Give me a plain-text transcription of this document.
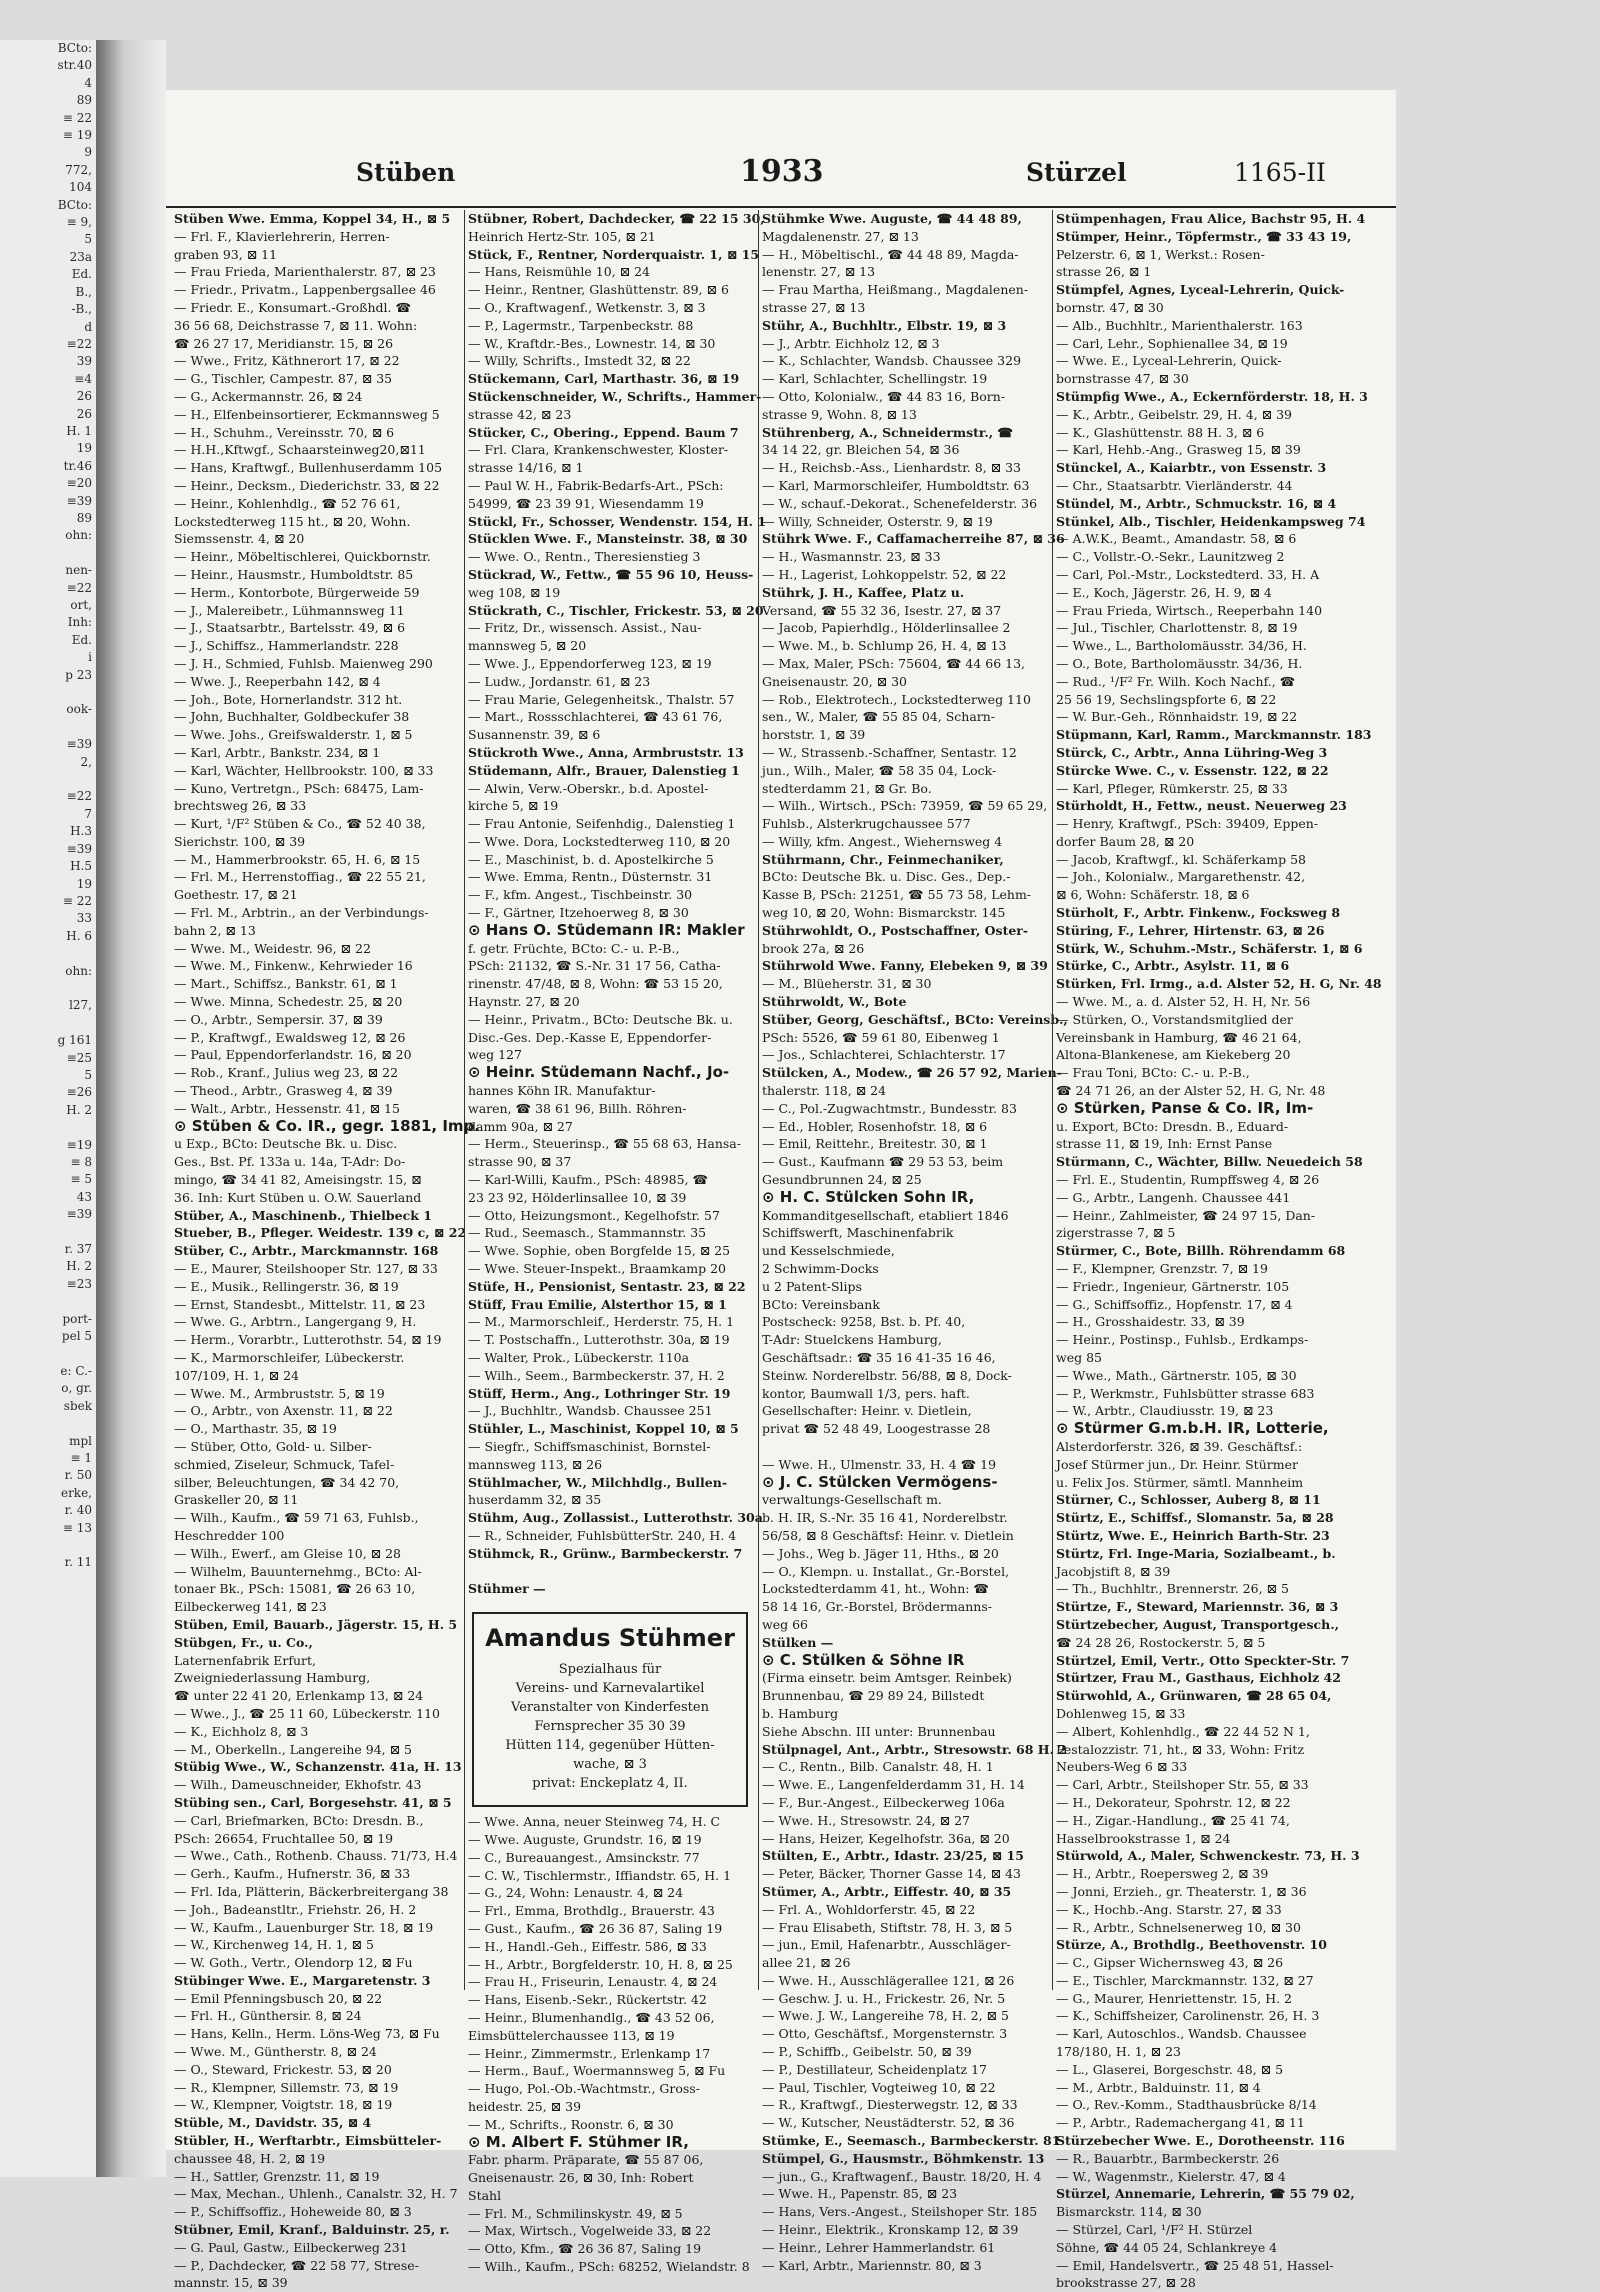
BCto:
str.40
4
89
≡ 22
≡ 19
9
772,
104
BCto:
≡ 9,
5
23a
Ed.
B.,
-B.,
d
≡22
39
≡4
26
26
H. 1
19
tr.46
≡20
≡39
89
ohn:

nen-
≡22
ort,
Inh:
Ed.
i
p 23

ook-

≡39
2,

≡22
7
H.3
≡39
H.5
19
≡ 22
33
H. 6

ohn:

l27,

g 161
≡25
5
≡26
H. 2

≡19
≡ 8
≡ 5
43
≡39

r. 37
H. 2
≡23

port-
pel 5

e: C.-
o, gr.
sbek

mpl
≡ 1
r. 50
erke,
r. 40
≡ 13

r. 11
Stüben	1933	Stürzel	1165-II
Stüben Wwe. Emma, Koppel 34, H., ⊠ 5
— Frl. F., Klavierlehrerin, Herren-
graben 93, ⊠ 11
— Frau Frieda, Marienthalerstr. 87, ⊠ 23
— Friedr., Privatm., Lappenbergsallee 46
— Friedr. E., Konsumart.-Großhdl. ☎
36 56 68, Deichstrasse 7, ⊠ 11. Wohn:
☎ 26 27 17, Meridianstr. 15, ⊠ 26
— Wwe., Fritz, Käthnerort 17, ⊠ 22
— G., Tischler, Campestr. 87, ⊠ 35
— G., Ackermannstr. 26, ⊠ 24
— H., Elfenbeinsortierer, Eckmannsweg 5
— H., Schuhm., Vereinsstr. 70, ⊠ 6
— H.H.,Kftwgf., Schaarsteinweg20,⊠11
— Hans, Kraftwgf., Bullenhuserdamm 105
— Heinr., Decksm., Diederichstr. 33, ⊠ 22
— Heinr., Kohlenhdlg., ☎ 52 76 61,
Lockstedterweg 115 ht., ⊠ 20, Wohn.
Siemssenstr. 4, ⊠ 20
— Heinr., Möbeltischlerei, Quickbornstr.
— Heinr., Hausmstr., Humboldtstr. 85
— Herm., Kontorbote, Bürgerweide 59
— J., Malereibetr., Lühmannsweg 11
— J., Staatsarbtr., Bartelsstr. 49, ⊠ 6
— J., Schiffsz., Hammerlandstr. 228
— J. H., Schmied, Fuhlsb. Maienweg 290
— Wwe. J., Reeperbahn 142, ⊠ 4
— Joh., Bote, Hornerlandstr. 312 ht.
— John, Buchhalter, Goldbeckufer 38
— Wwe. Johs., Greifswalderstr. 1, ⊠ 5
— Karl, Arbtr., Bankstr. 234, ⊠ 1
— Karl, Wächter, Hellbrookstr. 100, ⊠ 33
— Kuno, Vertretgn., PSch: 68475, Lam-
brechtsweg 26, ⊠ 33
— Kurt, ¹/F² Stüben & Co., ☎ 52 40 38,
Sierichstr. 100, ⊠ 39
— M., Hammerbrookstr. 65, H. 6, ⊠ 15
— Frl. M., Herrenstoffiag., ☎ 22 55 21,
Goethestr. 17, ⊠ 21
— Frl. M., Arbtrin., an der Verbindungs-
bahn 2, ⊠ 13
— Wwe. M., Weidestr. 96, ⊠ 22
— Wwe. M., Finkenw., Kehrwieder 16
— Mart., Schiffsz., Bankstr. 61, ⊠ 1
— Wwe. Minna, Schedestr. 25, ⊠ 20
— O., Arbtr., Sempersir. 37, ⊠ 39
— P., Kraftwgf., Ewaldsweg 12, ⊠ 26
— Paul, Eppendorferlandstr. 16, ⊠ 20
— Rob., Kranf., Julius weg 23, ⊠ 22
— Theod., Arbtr., Grasweg 4, ⊠ 39
— Walt., Arbtr., Hessenstr. 41, ⊠ 15
⊙ Stüben & Co. IR., gegr. 1881, Imp.
u Exp., BCto: Deutsche Bk. u. Disc.
Ges., Bst. Pf. 133a u. 14a, T-Adr: Do-
mingo, ☎ 34 41 82, Ameisingstr. 15, ⊠
36. Inh: Kurt Stüben u. O.W. Sauerland
Stüber, A., Maschinenb., Thielbeck 1
Stueber, B., Pfleger. Weidestr. 139 c, ⊠ 22
Stüber, C., Arbtr., Marckmannstr. 168
— E., Maurer, Steilshooper Str. 127, ⊠ 33
— E., Musik., Rellingerstr. 36, ⊠ 19
— Ernst, Standesbt., Mittelstr. 11, ⊠ 23
— Wwe. G., Arbtrn., Langergang 9, H.
— Herm., Vorarbtr., Lutterothstr. 54, ⊠ 19
— K., Marmorschleifer, Lübeckerstr.
107/109, H. 1, ⊠ 24
— Wwe. M., Armbruststr. 5, ⊠ 19
— O., Arbtr., von Axenstr. 11, ⊠ 22
— O., Marthastr. 35, ⊠ 19
— Stüber, Otto, Gold- u. Silber-
schmied, Ziseleur, Schmuck, Tafel-
silber, Beleuchtungen, ☎ 34 42 70,
Graskeller 20, ⊠ 11
— Wilh., Kaufm., ☎ 59 71 63, Fuhlsb.,
Heschredder 100
— Wilh., Ewerf., am Gleise 10, ⊠ 28
— Wilhelm, Bauunternehmg., BCto: Al-
tonaer Bk., PSch: 15081, ☎ 26 63 10,
Eilbeckerweg 141, ⊠ 23
Stüben, Emil, Bauarb., Jägerstr. 15, H. 5
Stübgen, Fr., u. Co.,
Laternenfabrik Erfurt,
Zweigniederlassung Hamburg,
☎ unter 22 41 20, Erlenkamp 13, ⊠ 24
— Wwe., J., ☎ 25 11 60, Lübeckerstr. 110
— K., Eichholz 8, ⊠ 3
— M., Oberkelln., Langereihe 94, ⊠ 5
Stübig Wwe., W., Schanzenstr. 41a, H. 13
— Wilh., Dameuschneider, Ekhofstr. 43
Stübing sen., Carl, Borgesehstr. 41, ⊠ 5
— Carl, Briefmarken, BCto: Dresdn. B.,
PSch: 26654, Fruchtallee 50, ⊠ 19
— Wwe., Cath., Rothenb. Chauss. 71/73, H.4
— Gerh., Kaufm., Hufnerstr. 36, ⊠ 33
— Frl. Ida, Plätterin, Bäckerbreitergang 38
— Joh., Badeanstltr., Friehstr. 26, H. 2
— W., Kaufm., Lauenburger Str. 18, ⊠ 19
— W., Kirchenweg 14, H. 1, ⊠ 5
— W. Goth., Vertr., Olendorp 12, ⊠ Fu
Stübinger Wwe. E., Margaretenstr. 3
— Emil Pfenningsbusch 20, ⊠ 22
— Frl. H., Günthersir. 8, ⊠ 24
— Hans, Kelln., Herm. Löns-Weg 73, ⊠ Fu
— Wwe. M., Güntherstr. 8, ⊠ 24
— O., Steward, Frickestr. 53, ⊠ 20
— R., Klempner, Sillemstr. 73, ⊠ 19
— W., Klempner, Voigtstr. 18, ⊠ 19
Stüble, M., Davidstr. 35, ⊠ 4
Stübler, H., Werftarbtr., Eimsbütteler-
chaussee 48, H. 2, ⊠ 19
— H., Sattler, Grenzstr. 11, ⊠ 19
— Max, Mechan., Uhlenh., Canalstr. 32, H. 7
— P., Schiffsoffiz., Hoheweide 80, ⊠ 3
Stübner, Emil, Kranf., Balduinstr. 25, r.
— G. Paul, Gastw., Eilbeckerweg 231
— P., Dachdecker, ☎ 22 58 77, Strese-
mannstr. 15, ⊠ 39
Stübner, Robert, Dachdecker, ☎ 22 15 30,
Heinrich Hertz-Str. 105, ⊠ 21
Stück, F., Rentner, Norderquaistr. 1, ⊠ 15
— Hans, Reismühle 10, ⊠ 24
— Heinr., Rentner, Glashüttenstr. 89, ⊠ 6
— O., Kraftwagenf., Wetkenstr. 3, ⊠ 3
— P., Lagermstr., Tarpenbeckstr. 88
— W., Kraftdr.-Bes., Lownestr. 14, ⊠ 30
— Willy, Schrifts., Imstedt 32, ⊠ 22
Stückemann, Carl, Marthastr. 36, ⊠ 19
Stückenschneider, W., Schrifts., Hammer-
strasse 42, ⊠ 23
Stücker, C., Obering., Eppend. Baum 7
— Frl. Clara, Krankenschwester, Kloster-
strasse 14/16, ⊠ 1
— Paul W. H., Fabrik-Bedarfs-Art., PSch:
54999, ☎ 23 39 91, Wiesendamm 19
Stückl, Fr., Schosser, Wendenstr. 154, H. 1
Stücklen Wwe. F., Mansteinstr. 38, ⊠ 30
— Wwe. O., Rentn., Theresienstieg 3
Stückrad, W., Fettw., ☎ 55 96 10, Heuss-
weg 108, ⊠ 19
Stückrath, C., Tischler, Frickestr. 53, ⊠ 20
— Fritz, Dr., wissensch. Assist., Nau-
mannsweg 5, ⊠ 20
— Wwe. J., Eppendorferweg 123, ⊠ 19
— Ludw., Jordanstr. 61, ⊠ 23
— Frau Marie, Gelegenheitsk., Thalstr. 57
— Mart., Rossschlachterei, ☎ 43 61 76,
Susannenstr. 39, ⊠ 6
Stückroth Wwe., Anna, Armbruststr. 13
Stüdemann, Alfr., Brauer, Dalenstieg 1
— Alwin, Verw.-Oberskr., b.d. Apostel-
kirche 5, ⊠ 19
— Frau Antonie, Seifenhdig., Dalenstieg 1
— Wwe. Dora, Lockstedterweg 110, ⊠ 20
— E., Maschinist, b. d. Apostelkirche 5
— Wwe. Emma, Rentn., Düsternstr. 31
— F., kfm. Angest., Tischbeinstr. 30
— F., Gärtner, Itzehoerweg 8, ⊠ 30
⊙ Hans O. Stüdemann IR: Makler
f. getr. Früchte, BCto: C.- u. P.-B.,
PSch: 21132, ☎ S.-Nr. 31 17 56, Catha-
rinenstr. 47/48, ⊠ 8, Wohn: ☎ 53 15 20,
Haynstr. 27, ⊠ 20
— Heinr., Privatm., BCto: Deutsche Bk. u.
Disc.-Ges. Dep.-Kasse E, Eppendorfer-
weg 127
⊙ Heinr. Stüdemann Nachf., Jo-
hannes Köhn IR. Manufaktur-
waren, ☎ 38 61 96, Billh. Röhren-
damm 90a, ⊠ 27
— Herm., Steuerinsp., ☎ 55 68 63, Hansa-
strasse 90, ⊠ 37
— Karl-Willi, Kaufm., PSch: 48985, ☎
23 23 92, Hölderlinsallee 10, ⊠ 39
— Otto, Heizungsmont., Kegelhofstr. 57
— Rud., Seemasch., Stammannstr. 35
— Wwe. Sophie, oben Borgfelde 15, ⊠ 25
— Wwe. Steuer-Inspekt., Braamkamp 20
Stüfe, H., Pensionist, Sentastr. 23, ⊠ 22
Stüff, Frau Emilie, Alsterthor 15, ⊠ 1
— M., Marmorschleif., Herderstr. 75, H. 1
— T. Postschaffn., Lutterothstr. 30a, ⊠ 19
— Walter, Prok., Lübeckerstr. 110a
— Wilh., Seem., Barmbeckerstr. 37, H. 2
Stüff, Herm., Ang., Lothringer Str. 19
— J., Buchhltr., Wandsb. Chaussee 251
Stühler, L., Maschinist, Koppel 10, ⊠ 5
— Siegfr., Schiffsmaschinist, Bornstel-
mannsweg 113, ⊠ 26
Stühlmacher, W., Milchhdlg., Bullen-
huserdamm 32, ⊠ 35
Stühm, Aug., Zollassist., Lutterothstr. 30a
— R., Schneider, FuhlsbütterStr. 240, H. 4
Stühmck, R., Grünw., Barmbeckerstr. 7

Stühmer —
Amandus Stühmer
Spezialhaus für
Vereins- und Karnevalartikel
Veranstalter von Kinderfesten
Fernsprecher 35 30 39
Hütten 114, gegenüber Hütten-
wache, ⊠ 3
privat: Enckeplatz 4, II.
— Wwe. Anna, neuer Steinweg 74, H. C
— Wwe. Auguste, Grundstr. 16, ⊠ 19
— C., Bureauangest., Amsinckstr. 77
— C. W., Tischlermstr., Iffiandstr. 65, H. 1
— G., 24, Wohn: Lenaustr. 4, ⊠ 24
— Frl., Emma, Brothdlg., Brauerstr. 43
— Gust., Kaufm., ☎ 26 36 87, Saling 19
— H., Handl.-Geh., Eiffestr. 586, ⊠ 33
— H., Arbtr., Borgfelderstr. 10, H. 8, ⊠ 25
— Frau H., Friseurin, Lenaustr. 4, ⊠ 24
— Hans, Eisenb.-Sekr., Rückertstr. 42
— Heinr., Blumenhandlg., ☎ 43 52 06,
Eimsbüttelerchaussee 113, ⊠ 19
— Heinr., Zimmermstr., Erlenkamp 17
— Herm., Bauf., Woermannsweg 5, ⊠ Fu
— Hugo, Pol.-Ob.-Wachtmstr., Gross-
heidestr. 25, ⊠ 39
— M., Schrifts., Roonstr. 6, ⊠ 30
⊙ M. Albert F. Stühmer IR,
Fabr. pharm. Präparate, ☎ 55 87 06,
Gneisenaustr. 26, ⊠ 30, Inh: Robert
Stahl
— Frl. M., Schmilinskystr. 49, ⊠ 5
— Max, Wirtsch., Vogelweide 33, ⊠ 22
— Otto, Kfm., ☎ 26 36 87, Saling 19
— Wilh., Kaufm., PSch: 68252, Wielandstr. 8
Stühmke Wwe. Auguste, ☎ 44 48 89,
Magdalenenstr. 27, ⊠ 13
— H., Möbeltischl., ☎ 44 48 89, Magda-
lenenstr. 27, ⊠ 13
— Frau Martha, Heißmang., Magdalenen-
strasse 27, ⊠ 13
Stühr, A., Buchhltr., Elbstr. 19, ⊠ 3
— J., Arbtr. Eichholz 12, ⊠ 3
— K., Schlachter, Wandsb. Chaussee 329
— Karl, Schlachter, Schellingstr. 19
— Otto, Kolonialw., ☎ 44 83 16, Born-
strasse 9, Wohn. 8, ⊠ 13
Stührenberg, A., Schneidermstr., ☎
34 14 22, gr. Bleichen 54, ⊠ 36
— H., Reichsb.-Ass., Lienhardstr. 8, ⊠ 33
— Karl, Marmorschleifer, Humboldtstr. 63
— W., schauf.-Dekorat., Schenefelderstr. 36
— Willy, Schneider, Osterstr. 9, ⊠ 19
Stührk Wwe. F., Caffamacherreihe 87, ⊠ 36
— H., Wasmannstr. 23, ⊠ 33
— H., Lagerist, Lohkoppelstr. 52, ⊠ 22
Stührk, J. H., Kaffee, Platz u.
Versand, ☎ 55 32 36, Isestr. 27, ⊠ 37
— Jacob, Papierhdlg., Hölderlinsallee 2
— Wwe. M., b. Schlump 26, H. 4, ⊠ 13
— Max, Maler, PSch: 75604, ☎ 44 66 13,
Gneisenaustr. 20, ⊠ 30
— Rob., Elektrotech., Lockstedterweg 110
sen., W., Maler, ☎ 55 85 04, Scharn-
horststr. 1, ⊠ 39
— W., Strassenb.-Schaffner, Sentastr. 12
jun., Wilh., Maler, ☎ 58 35 04, Lock-
stedterdamm 21, ⊠ Gr. Bo.
— Wilh., Wirtsch., PSch: 73959, ☎ 59 65 29,
Fuhlsb., Alsterkrugchaussee 577
— Willy, kfm. Angest., Wiehernsweg 4
Stührmann, Chr., Feinmechaniker,
BCto: Deutsche Bk. u. Disc. Ges., Dep.-
Kasse B, PSch: 21251, ☎ 55 73 58, Lehm-
weg 10, ⊠ 20, Wohn: Bismarckstr. 145
Stührwohldt, O., Postschaffner, Oster-
brook 27a, ⊠ 26
Stührwold Wwe. Fanny, Elebeken 9, ⊠ 39
— M., Blüeherstr. 31, ⊠ 30
Stührwoldt, W., Bote
Stüber, Georg, Geschäftsf., BCto: Vereinsb.,
PSch: 5526, ☎ 59 61 80, Eibenweg 1
— Jos., Schlachterei, Schlachterstr. 17
Stülcken, A., Modew., ☎ 26 57 92, Marien-
thalerstr. 118, ⊠ 24
— C., Pol.-Zugwachtmstr., Bundesstr. 83
— Ed., Hobler, Rosenhofstr. 18, ⊠ 6
— Emil, Reittehr., Breitestr. 30, ⊠ 1
— Gust., Kaufmann ☎ 29 53 53, beim
Gesundbrunnen 24, ⊠ 25
⊙ H. C. Stülcken Sohn IR,
Kommanditgesellschaft, etabliert 1846
Schiffswerft, Maschinenfabrik
und Kesselschmiede,
2 Schwimm-Docks
u 2 Patent-Slips
BCto: Vereinsbank
Postscheck: 9258, Bst. b. Pf. 40,
T-Adr: Stuelckens Hamburg,
Geschäftsadr.: ☎ 35 16 41-35 16 46,
Steinw. Norderelbstr. 56/88, ⊠ 8, Dock-
kontor, Baumwall 1/3, pers. haft.
Gesellschafter: Heinr. v. Dietlein,
privat ☎ 52 48 49, Loogestrasse 28

— Wwe. H., Ulmenstr. 33, H. 4 ☎ 19
⊙ J. C. Stülcken Vermögens-
verwaltungs-Gesellschaft m.
b. H. IR, S.-Nr. 35 16 41, Norderelbstr.
56/58, ⊠ 8 Geschäftsf: Heinr. v. Dietlein
— Johs., Weg b. Jäger 11, Hths., ⊠ 20
— O., Klempn. u. Installat., Gr.-Borstel,
Lockstedterdamm 41, ht., Wohn: ☎
58 14 16, Gr.-Borstel, Brödermanns-
weg 66
Stülken —
⊙ C. Stülken & Söhne IR
(Firma einsetr. beim Amtsger. Reinbek)
Brunnenbau, ☎ 29 89 24, Billstedt
b. Hamburg
Siehe Abschn. III unter: Brunnenbau
Stülpnagel, Ant., Arbtr., Stresowstr. 68 H. 2
— C., Rentn., Bilb. Canalstr. 48, H. 1
— Wwe. E., Langenfelderdamm 31, H. 14
— F., Bur.-Angest., Eilbeckerweg 106a
— Wwe. H., Stresowstr. 24, ⊠ 27
— Hans, Heizer, Kegelhofstr. 36a, ⊠ 20
Stülten, E., Arbtr., Idastr. 23/25, ⊠ 15
— Peter, Bäcker, Thorner Gasse 14, ⊠ 43
Stümer, A., Arbtr., Eiffestr. 40, ⊠ 35
— Frl. A., Wohldorferstr. 45, ⊠ 22
— Frau Elisabeth, Stiftstr. 78, H. 3, ⊠ 5
— jun., Emil, Hafenarbtr., Ausschläger-
allee 21, ⊠ 26
— Wwe. H., Ausschlägerallee 121, ⊠ 26
— Geschw. J. u. H., Frickestr. 26, Nr. 5
— Wwe. J. W., Langereihe 78, H. 2, ⊠ 5
— Otto, Geschäftsf., Morgensternstr. 3
— P., Schiffb., Geibelstr. 50, ⊠ 39
— P., Destillateur, Scheidenplatz 17
— Paul, Tischler, Vogteiweg 10, ⊠ 22
— R., Kraftwgf., Diesterwegstr. 12, ⊠ 33
— W., Kutscher, Neustädterstr. 52, ⊠ 36
Stümke, E., Seemasch., Barmbeckerstr. 81
Stümpel, G., Hausmstr., Böhmkenstr. 13
— jun., G., Kraftwagenf., Baustr. 18/20, H. 4
— Wwe. H., Papenstr. 85, ⊠ 23
— Hans, Vers.-Angest., Steilshoper Str. 185
— Heinr., Elektrik., Kronskamp 12, ⊠ 39
— Heinr., Lehrer Hammerlandstr. 61
— Karl, Arbtr., Mariennstr. 80, ⊠ 3
Stümpenhagen, Frau Alice, Bachstr 95, H. 4
Stümper, Heinr., Töpfermstr., ☎ 33 43 19,
Pelzerstr. 6, ⊠ 1, Werkst.: Rosen-
strasse 26, ⊠ 1
Stümpfel, Agnes, Lyceal-Lehrerin, Quick-
bornstr. 47, ⊠ 30
— Alb., Buchhltr., Marienthalerstr. 163
— Carl, Lehr., Sophienallee 34, ⊠ 19
— Wwe. E., Lyceal-Lehrerin, Quick-
bornstrasse 47, ⊠ 30
Stümpfig Wwe., A., Eckernförderstr. 18, H. 3
— K., Arbtr., Geibelstr. 29, H. 4, ⊠ 39
— K., Glashüttenstr. 88 H. 3, ⊠ 6
— Karl, Hehb.-Ang., Grasweg 15, ⊠ 39
Stünckel, A., Kaiarbtr., von Essenstr. 3
— Chr., Staatsarbtr. Vierländerstr. 44
Stündel, M., Arbtr., Schmuckstr. 16, ⊠ 4
Stünkel, Alb., Tischler, Heidenkampsweg 74
— A.W.K., Beamt., Amandastr. 58, ⊠ 6
— C., Vollstr.-O.-Sekr., Launitzweg 2
— Carl, Pol.-Mstr., Lockstedterd. 33, H. A
— E., Koch, Jägerstr. 26, H. 9, ⊠ 4
— Frau Frieda, Wirtsch., Reeperbahn 140
— Jul., Tischler, Charlottenstr. 8, ⊠ 19
— Wwe., L., Bartholomäusstr. 34/36, H.
— O., Bote, Bartholomäusstr. 34/36, H.
— Rud., ¹/F² Fr. Wilh. Koch Nachf., ☎
25 56 19, Sechslingspforte 6, ⊠ 22
— W. Bur.-Geh., Rönnhaidstr. 19, ⊠ 22
Stüpmann, Karl, Ramm., Marckmannstr. 183
Stürck, C., Arbtr., Anna Lühring-Weg 3
Stürcke Wwe. C., v. Essenstr. 122, ⊠ 22
— Karl, Pfleger, Rümkerstr. 25, ⊠ 33
Stürholdt, H., Fettw., neust. Neuerweg 23
— Henry, Kraftwgf., PSch: 39409, Eppen-
dorfer Baum 28, ⊠ 20
— Jacob, Kraftwgf., kl. Schäferkamp 58
— Joh., Kolonialw., Margarethenstr. 42,
⊠ 6, Wohn: Schäferstr. 18, ⊠ 6
Stürholt, F., Arbtr. Finkenw., Focksweg 8
Stüring, F., Lehrer, Hirtenstr. 63, ⊠ 26
Stürk, W., Schuhm.-Mstr., Schäferstr. 1, ⊠ 6
Stürke, C., Arbtr., Asylstr. 11, ⊠ 6
Stürken, Frl. Irmg., a.d. Alster 52, H. G, Nr. 48
— Wwe. M., a. d. Alster 52, H. H, Nr. 56
— Stürken, O., Vorstandsmitglied der
Vereinsbank in Hamburg, ☎ 46 21 64,
Altona-Blankenese, am Kiekeberg 20
— Frau Toni, BCto: C.- u. P.-B.,
☎ 24 71 26, an der Alster 52, H. G, Nr. 48
⊙ Stürken, Panse & Co. IR, Im-
u. Export, BCto: Dresdn. B., Eduard-
strasse 11, ⊠ 19, Inh: Ernst Panse
Stürmann, C., Wächter, Billw. Neuedeich 58
— Frl. E., Studentin, Rumpffsweg 4, ⊠ 26
— G., Arbtr., Langenh. Chaussee 441
— Heinr., Zahlmeister, ☎ 24 97 15, Dan-
zigerstrasse 7, ⊠ 5
Stürmer, C., Bote, Billh. Röhrendamm 68
— F., Klempner, Grenzstr. 7, ⊠ 19
— Friedr., Ingenieur, Gärtnerstr. 105
— G., Schiffsoffiz., Hopfenstr. 17, ⊠ 4
— H., Grosshaidestr. 33, ⊠ 39
— Heinr., Postinsp., Fuhlsb., Erdkamps-
weg 85
— Wwe., Math., Gärtnerstr. 105, ⊠ 30
— P., Werkmstr., Fuhlsbütter strasse 683
— W., Arbtr., Claudiusstr. 19, ⊠ 23
⊙ Stürmer G.m.b.H. IR, Lotterie,
Alsterdorferstr. 326, ⊠ 39. Geschäftsf.:
Josef Stürmer jun., Dr. Heinr. Stürmer
u. Felix Jos. Stürmer, sämtl. Mannheim
Stürner, C., Schlosser, Auberg 8, ⊠ 11
Stürtz, E., Schiffsf., Slomanstr. 5a, ⊠ 28
Stürtz, Wwe. E., Heinrich Barth-Str. 23
Stürtz, Frl. Inge-Maria, Sozialbeamt., b.
Jacobjstift 8, ⊠ 39
— Th., Buchhltr., Brennerstr. 26, ⊠ 5
Stürtze, F., Steward, Mariennstr. 36, ⊠ 3
Stürtzebecher, August, Transportgesch.,
☎ 24 28 26, Rostockerstr. 5, ⊠ 5
Stürtzel, Emil, Vertr., Otto Speckter-Str. 7
Stürtzer, Frau M., Gasthaus, Eichholz 42
Stürwohld, A., Grünwaren, ☎ 28 65 04,
Dohlenweg 15, ⊠ 33
— Albert, Kohlenhdlg., ☎ 22 44 52 N 1,
Pestalozzistr. 71, ht., ⊠ 33, Wohn: Fritz
Neubers-Weg 6 ⊠ 33
— Carl, Arbtr., Steilshoper Str. 55, ⊠ 33
— H., Dekorateur, Spohrstr. 12, ⊠ 22
— H., Zigar.-Handlung., ☎ 25 41 74,
Hasselbrookstrasse 1, ⊠ 24
Stürwold, A., Maler, Schwenckestr. 73, H. 3
— H., Arbtr., Roepersweg 2, ⊠ 39
— Jonni, Erzieh., gr. Theaterstr. 1, ⊠ 36
— K., Hochb.-Ang. Starstr. 27, ⊠ 33
— R., Arbtr., Schnelsenerweg 10, ⊠ 30
Stürze, A., Brothdlg., Beethovenstr. 10
— C., Gipser Wichernsweg 43, ⊠ 26
— E., Tischler, Marckmannstr. 132, ⊠ 27
— G., Maurer, Henriettenstr. 15, H. 2
— K., Schiffsheizer, Carolinenstr. 26, H. 3
— Karl, Autoschlos., Wandsb. Chaussee
178/180, H. 1, ⊠ 23
— L., Glaserei, Borgeschstr. 48, ⊠ 5
— M., Arbtr., Balduinstr. 11, ⊠ 4
— O., Rev.-Komm., Stadthausbrücke 8/14
— P., Arbtr., Rademachergang 41, ⊠ 11
Stürzebecher Wwe. E., Dorotheenstr. 116
— R., Bauarbtr., Barmbeckerstr. 26
— W., Wagenmstr., Kielerstr. 47, ⊠ 4
Stürzel, Annemarie, Lehrerin, ☎ 55 79 02,
Bismarckstr. 114, ⊠ 30
— Stürzel, Carl, ¹/F² H. Stürzel
Söhne, ☎ 44 05 24, Schlankreye 4
— Emil, Handelsvertr., ☎ 25 48 51, Hassel-
brookstrasse 27, ⊠ 28
